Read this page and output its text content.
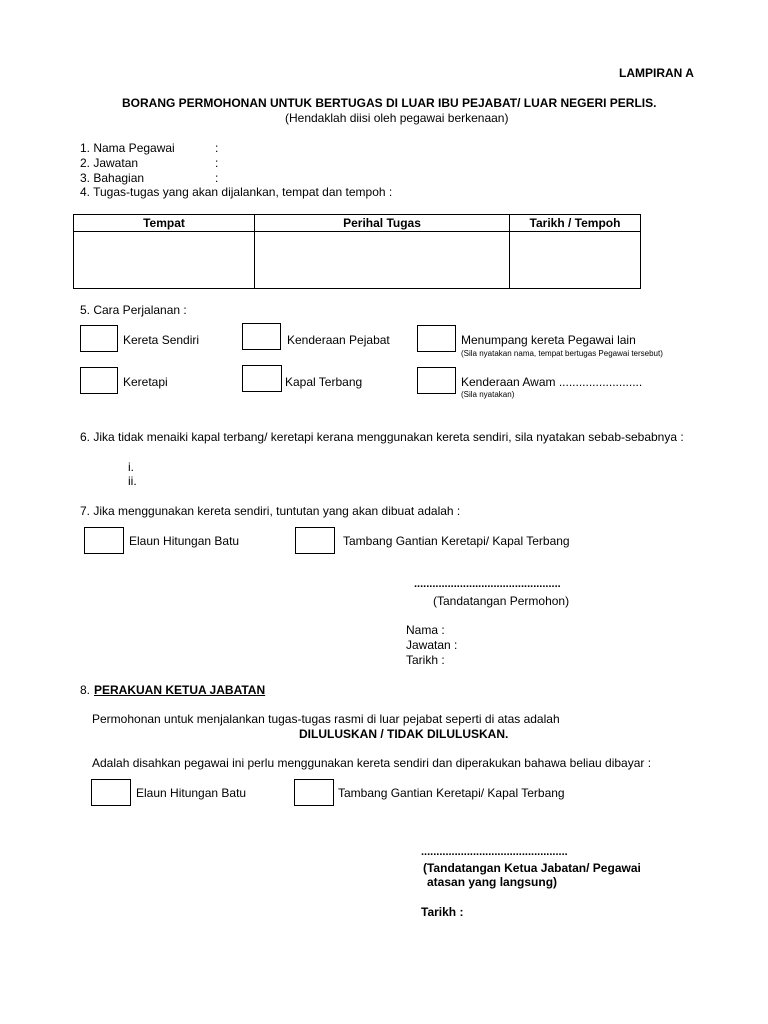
LAMPIRAN A
BORANG PERMOHONAN UNTUK BERTUGAS DI LUAR IBU PEJABAT/ LUAR NEGERI PERLIS.
(Hendaklah diisi oleh pegawai berkenaan)
1. Nama Pegawai	:
2. Jawatan	:
3. Bahagian	:
4. Tugas-tugas yang akan dijalankan, tempat dan tempoh :
Tempat	Perihal Tugas	Tarikh / Tempoh

5. Cara Perjalanan :
Kereta Sendiri	Kenderaan Pejabat	Menumpang kereta Pegawai lain
(Sila nyatakan nama, tempat bertugas Pegawai tersebut)
Keretapi	Kapal Terbang	Kenderaan Awam .........................
(Sila nyatakan)
6. Jika tidak menaiki kapal terbang/ keretapi kerana menggunakan kereta sendiri, sila nyatakan sebab-sebabnya :
i.
ii.
7. Jika menggunakan kereta sendiri, tuntutan yang akan dibuat adalah :
Elaun Hitungan Batu	Tambang Gantian Keretapi/ Kapal Terbang
................................................
(Tandatangan Permohon)
Nama :
Jawatan :
Tarikh :
8. PERAKUAN KETUA JABATAN
Permohonan untuk menjalankan tugas-tugas rasmi di luar pejabat seperti di atas adalah
DILULUSKAN / TIDAK DILULUSKAN.
Adalah disahkan pegawai ini perlu menggunakan kereta sendiri dan diperakukan bahawa beliau dibayar :
Elaun Hitungan Batu	Tambang Gantian Keretapi/ Kapal Terbang
................................................
(Tandatangan Ketua Jabatan/ Pegawai
atasan yang langsung)
Tarikh :
